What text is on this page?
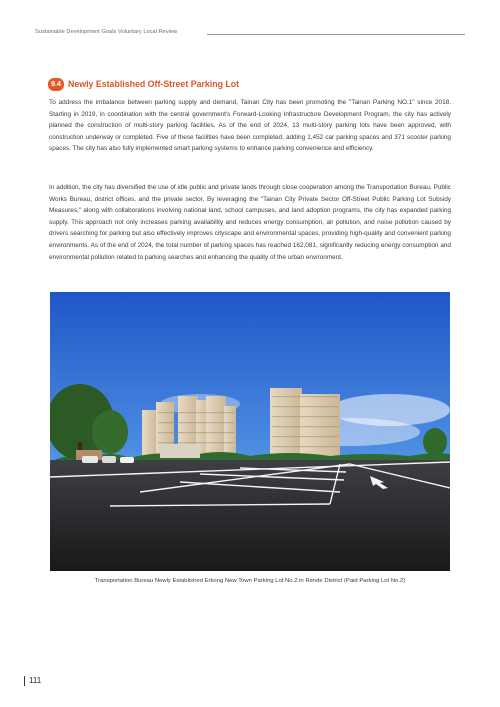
Sustainable Development Goals Voluntary Local Review
9.4 Newly Established Off-Street Parking Lot

To address the imbalance between parking supply and demand, Tainan City has been promoting the "Tainan Parking NO.1" since 2018. Starting in 2019, in coordination with the central government's Forward-Looking Infrastructure Development Program, the city has actively planned the construction of multi-story parking facilities. As of the end of 2024, 13 multi-story parking lots have been approved, with construction underway or completed. Five of these facilities have been completed, adding 1,452 car parking spaces and 371 scooter parking spaces. The city has also fully implemented smart parking systems to enhance parking convenience and efficiency.

In addition, the city has diversified the use of idle public and private lands through close cooperation among the Transportation Bureau, Public Works Bureau, district offices, and the private sector. By leveraging the "Tainan City Private Sector Off-Street Public Parking Lot Subsidy Measures," along with collaborations involving national land, school campuses, and land adoption programs, the city has expanded parking supply. This approach not only increases parking availability and reduces energy consumption, air pollution, and noise pollution caused by drivers searching for parking but also effectively improves cityscape and environmental spaces, providing high-quality and convenient parking environments. As of the end of 2024, the total number of parking spaces has reached 162,081, significantly reducing energy consumption and environmental pollution related to parking searches and enhancing the quality of the urban environment.

Transportation Bureau Newly Established Erkong New Town Parking Lot No.2 in Rende District (Paid Parking Lot No.2)
111
